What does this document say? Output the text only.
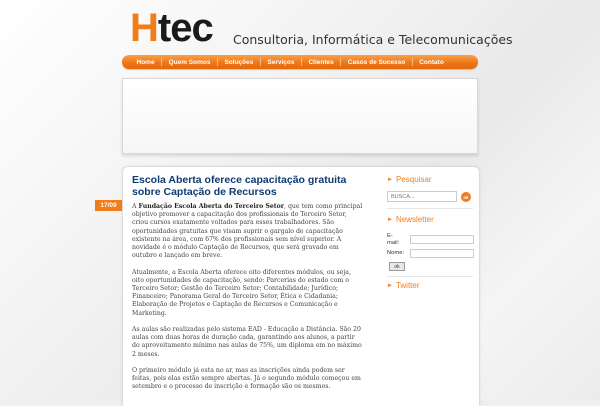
H tec Consultoria, Informática e Telecomunicações
Home	Quem Somos	Soluções	Serviços	Clientes	Casos de Sucesso	Contato
17/09
Escola Aberta oferece capacitação gratuita sobre Captação de Recursos

A Fundação Escola Aberta do Terceiro Setor, que tem como principal objetivo promover a capacitação dos profissionais do Terceiro Setor, criou cursos exatamente voltados para esses trabalhadores. São oportunidades gratuitas que visam suprir o gargalo de capacitação existente na área, com 67% dos profissionais sem nível superior. A novidade é o módulo Captação de Recursos, que será gravado em outubro e lançado em breve.

Atualmente, a Escola Aberta oferece oito diferentes módulos, ou seja, oito oportunidades de capacitação, sendo: Parcerias do estado com o Terceiro Setor; Gestão do Terceiro Setor; Contabilidade; Jurídico; Financeiro; Panorama Geral do Terceiro Setor, Ética e Cidadania; Elaboração de Projetos e Captação de Recursos e Comunicação e Marketing.

As aulas são realizadas pelo sistema EAD - Educação a Distância. São 20 aulas com duas horas de duração cada, garantindo aos alunos, a partir do aproveitamento mínimo nas aulas de 75%, um diploma em no máximo 2 meses.

O primeiro módulo já esta no ar, mas as inscrições ainda podem ser feitas, pois elas estão sempre abertas. Já o segundo módulo começou em setembro e o processo de inscrição e formação são os mesmos.

► Pesquisar
BUSCA...
ok
► Newsletter
E-mail:
Nome:
ok
► Twitter
